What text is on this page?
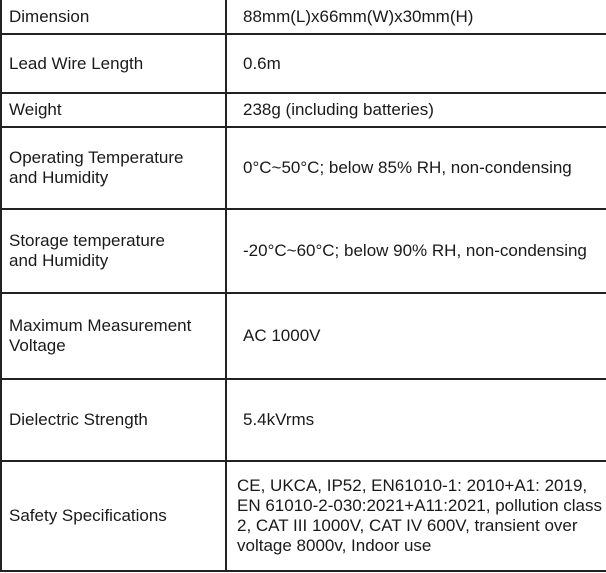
Dimension	88mm(L)x66mm(W)x30mm(H)
Lead Wire Length	0.6m
Weight	238g (including batteries)
Operating Temperature and Humidity	0°C~50°C; below 85% RH, non-condensing
Storage temperature and Humidity	-20°C~60°C; below 90% RH, non-condensing
Maximum Measurement Voltage	AC 1000V
Dielectric Strength	5.4kVrms
Safety Specifications	CE, UKCA, IP52, EN61010-1: 2010+A1: 2019, EN 61010-2-030:2021+A11:2021, pollution class 2, CAT III 1000V, CAT IV 600V, transient over voltage 8000v, Indoor use
